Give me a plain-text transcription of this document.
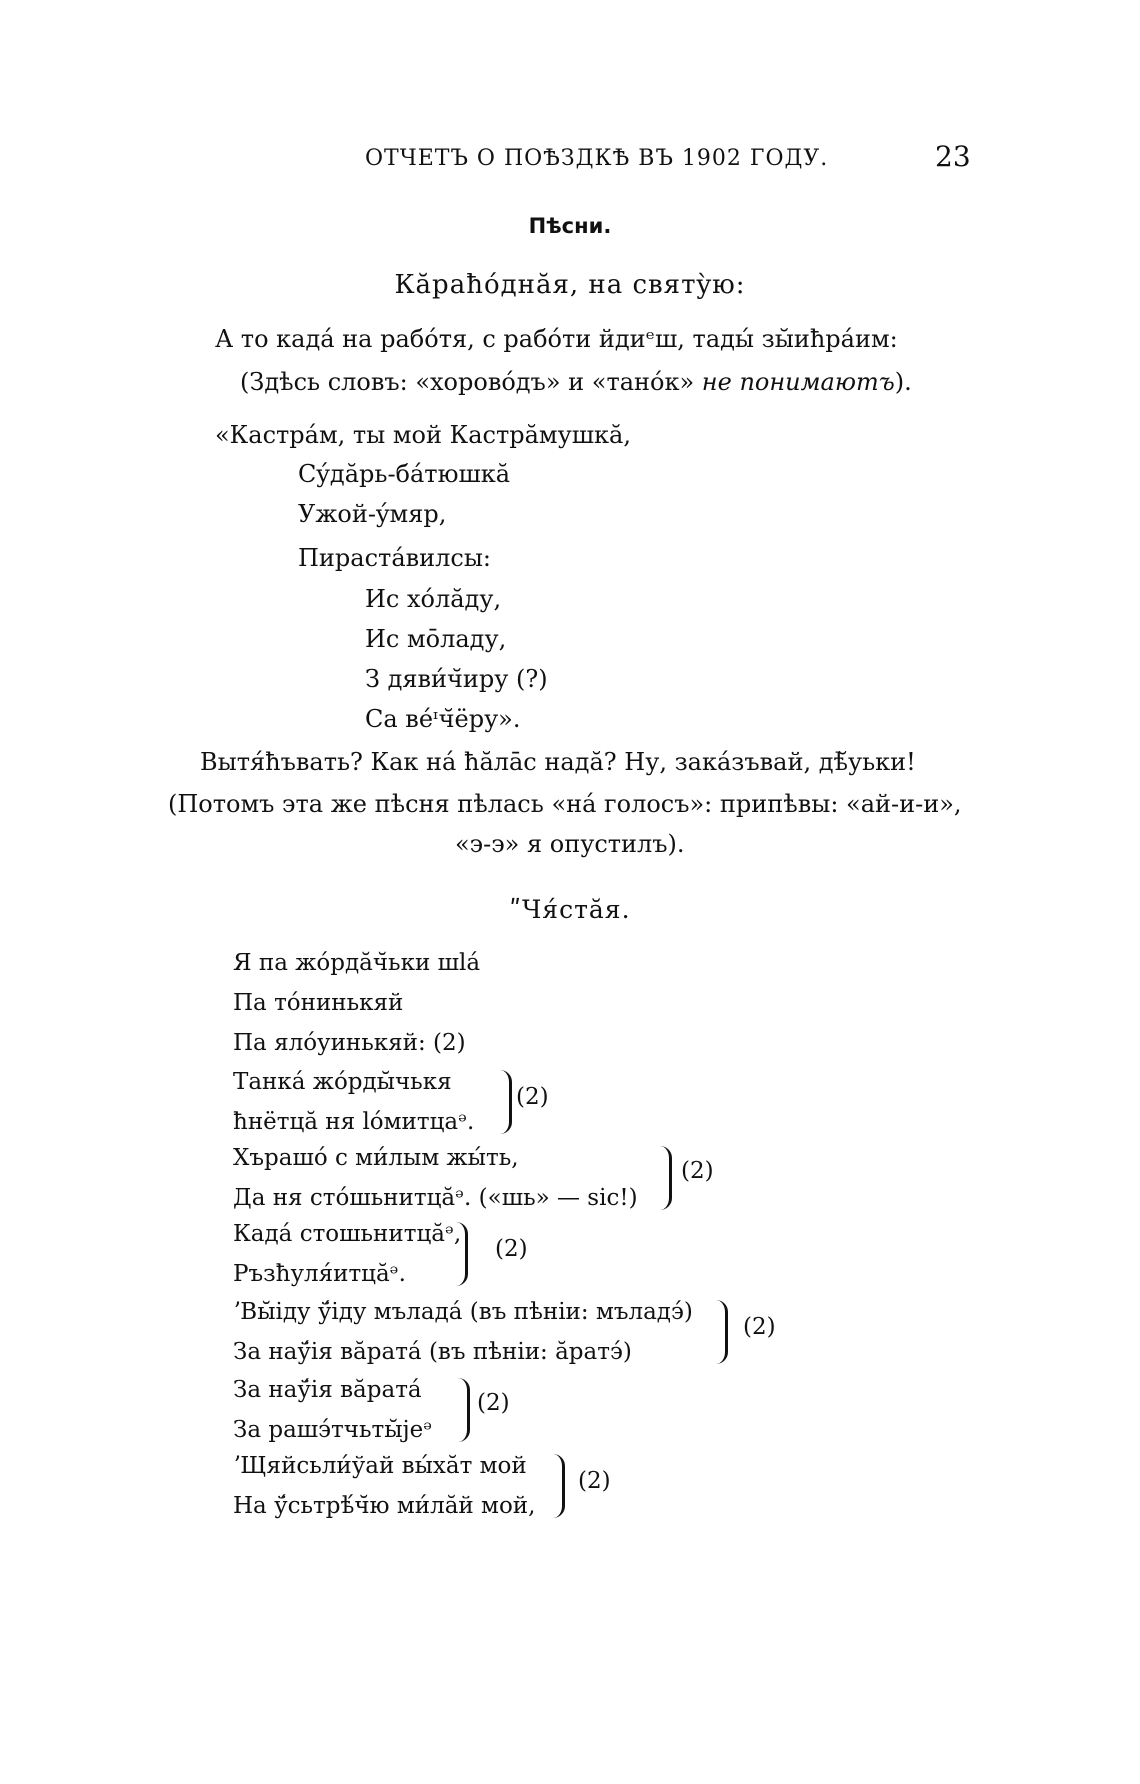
ОТЧЕТЪ О ПОѢЗДКѢ ВЪ 1902 ГОДУ.	23
Пѣсни.
Кăраħóднăя, на святỳю:
А то кадá на рабóтя, с рабóти йдиᵉш, тады́ зы̆иħрáим:
(Здѣсь словъ: «хоровóдъ» и «танóк» не понимаютъ).
«Кастрáм, ты мой Кастрăмушкă,
Сýдăрь-бáтюшкă
Ужой-ýмяр,
Пирастáвилсы:
Ис хóлăду,
Ис мо̄ладу,
З дяви́ч̆иру (?)
Са вéᶦч̆ёру».
Вытя́ħъвать? Как нá ħăла̄с надă? Ну, закáзъвай, дѣ̆уьки!
(Потомъ эта же пѣсня пѣлась «нá голосъ»: припѣвы: «ай-и-и»,
«э-э» я опустилъ).
ʺЧя́стăя.
Я па жóрдăч̆ьки шlá
Па тóниньк​яй
Па ялóуиньк​яй: (2)
Танкá жóрды̆чьк​я
ħнётцă ня lóмитцаᵊ.
(2)
Хърашó с ми́лым жы́ть,
Да ня стóшьнитцăᵊ. («шь» — sic!)
(2)
Кадá стошьнитцăᵊ,
Ръзħуля́итцăᵊ.
(2)
ʼВы̆іду ў́іду мъладá (въ пѣніи: мъладэ́)
За наў́ія вăратá (въ пѣніи: ăратэ́)
(2)
За наў́ія вăратá
За рашэ́тчьты̆jeᵊ
(2)
ʼЩяйсьли́ўай вы́хăт мой
На ў́сьтрѣ́ч̆ю ми́лăй мой,
(2)
